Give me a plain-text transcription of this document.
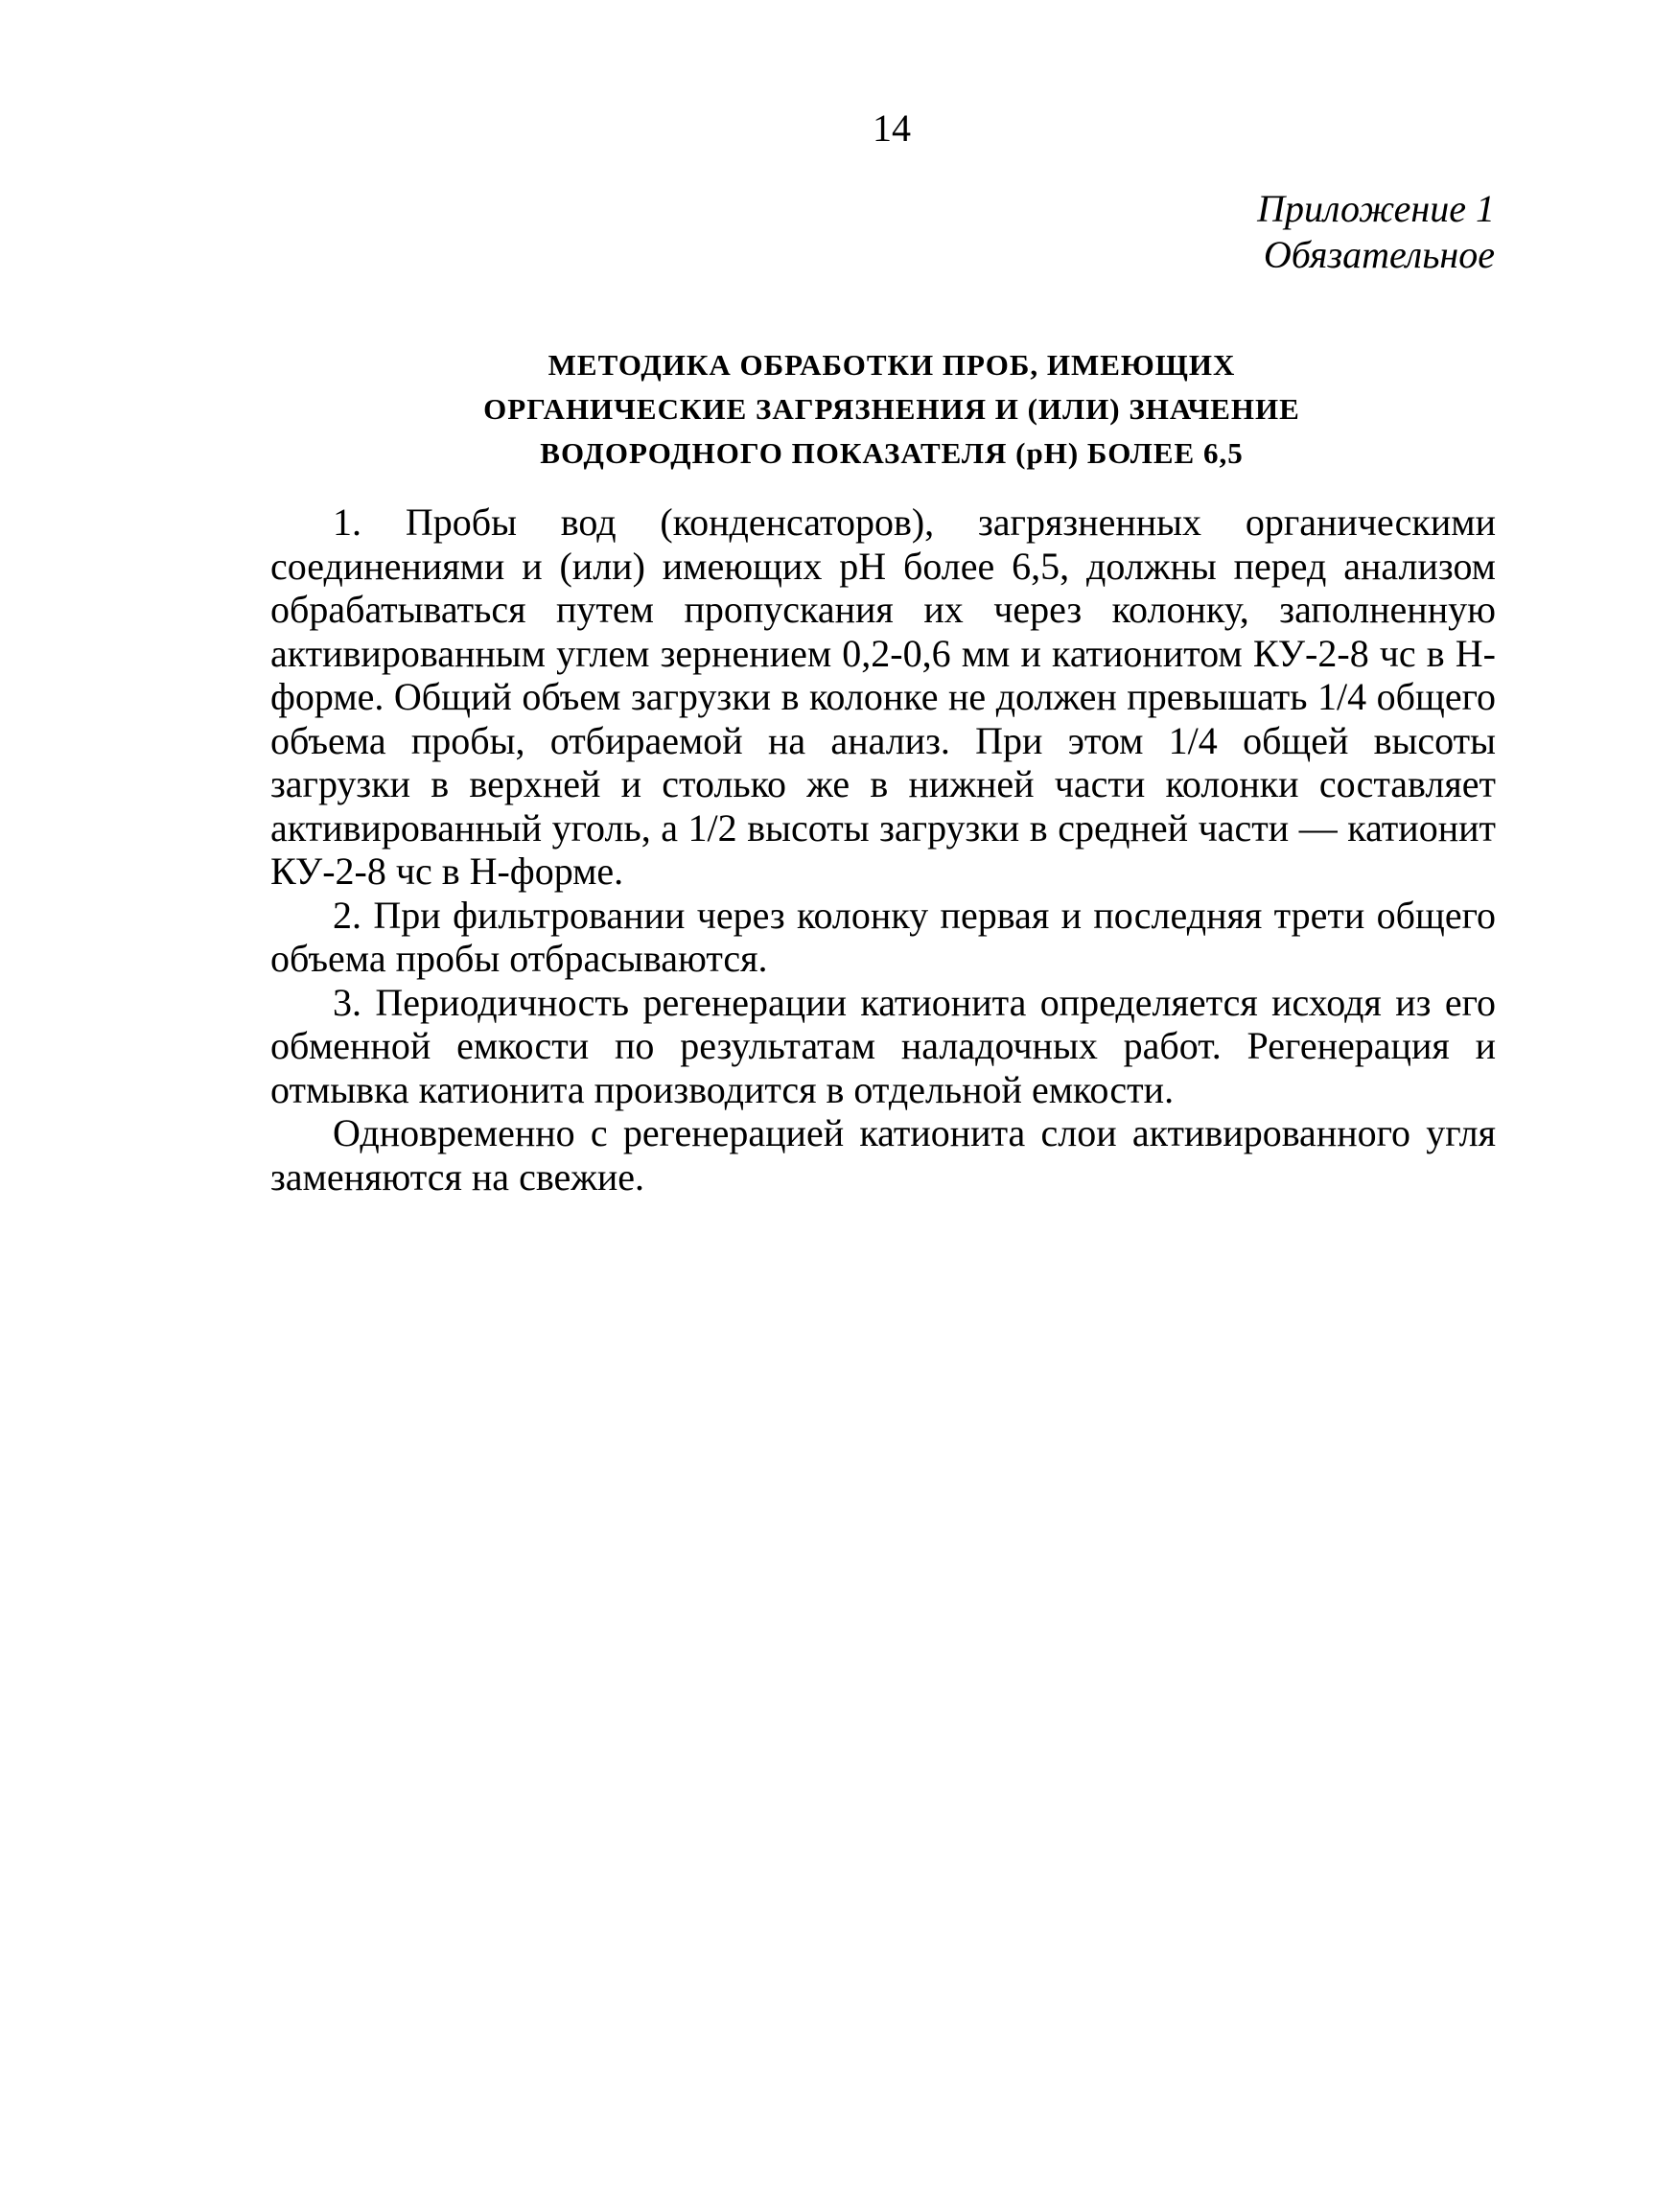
14
Приложение 1
Обязательное
МЕТОДИКА ОБРАБОТКИ ПРОБ, ИМЕЮЩИХ
ОРГАНИЧЕСКИЕ ЗАГРЯЗНЕНИЯ И (ИЛИ) ЗНАЧЕНИЕ
ВОДОРОДНОГО ПОКАЗАТЕЛЯ (pH) БОЛЕЕ 6,5

1. Пробы вод (конденсаторов), загрязненных органическими соединениями и (или) имеющих pH более 6,5, должны перед анализом обрабатываться путем пропускания их через колонку, заполненную активированным углем зернением 0,2-0,6 мм и катионитом КУ-2-8 чс в Н-форме. Общий объем загрузки в колонке не должен превышать 1/4 общего объема пробы, отбираемой на анализ. При этом 1/4 общей высоты загрузки в верхней и столько же в нижней части колонки составляет активированный уголь, а 1/2 высоты загрузки в средней части — катионит КУ-2-8 чс в Н-форме.

2. При фильтровании через колонку первая и последняя трети общего объема пробы отбрасываются.

3. Периодичность регенерации катионита определяется исходя из его обменной емкости по результатам наладочных работ. Регенерация и отмывка катионита производится в отдельной емкости.

Одновременно с регенерацией катионита слои активированного угля заменяются на свежие.
